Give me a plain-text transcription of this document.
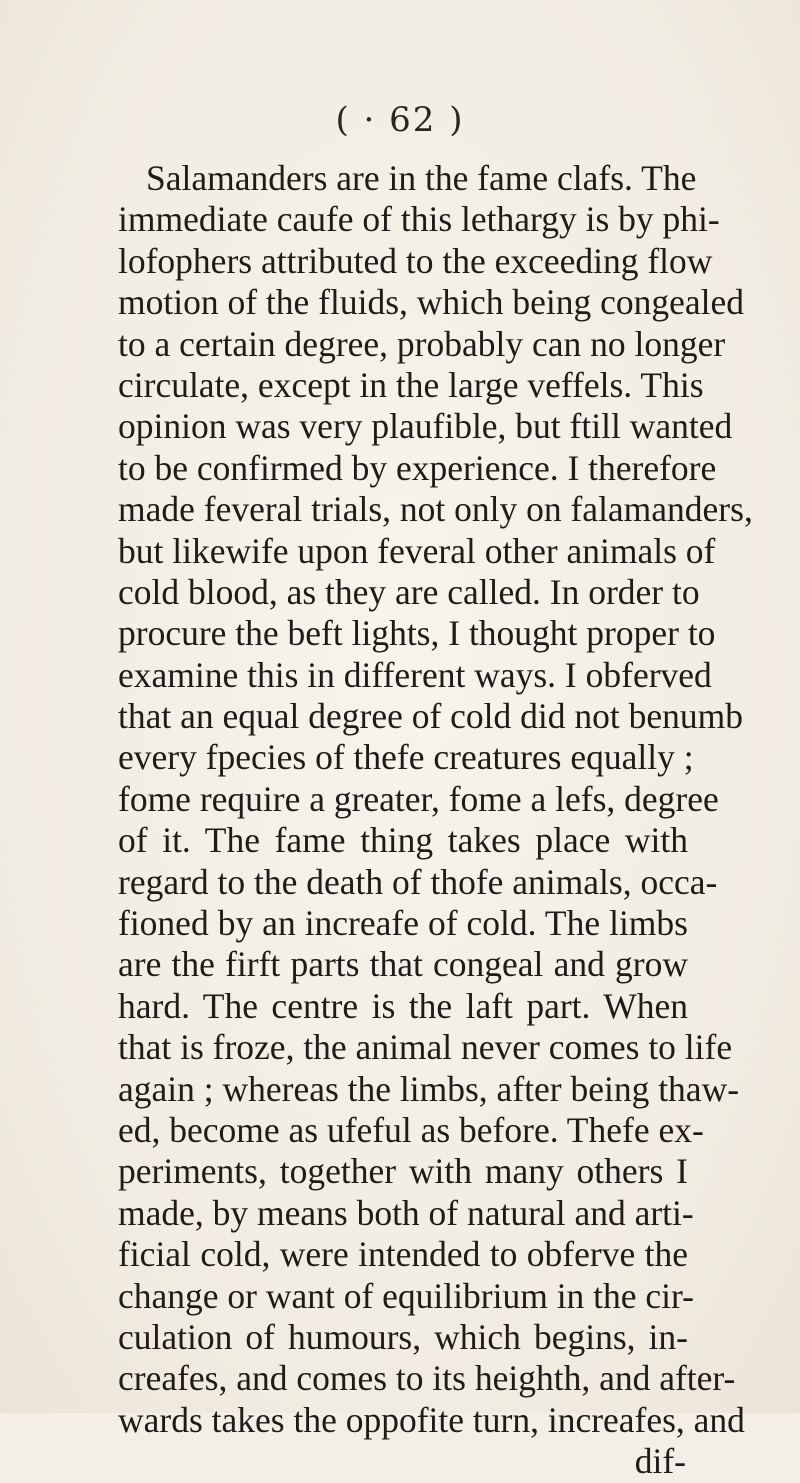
( · 62 )
Salamanders are in the fame clafs. The
immediate caufe of this lethargy is by phi-
lofophers attributed to the exceeding flow
motion of the fluids, which being congealed
to a certain degree, probably can no longer
circulate, except in the large veffels. This
opinion was very plaufible, but ftill wanted
to be confirmed by experience. I therefore
made feveral trials, not only on falamanders,
but likewife upon feveral other animals of
cold blood, as they are called. In order to
procure the beft lights, I thought proper to
examine this in different ways. I obferved
that an equal degree of cold did not benumb
every fpecies of thefe creatures equally ;
fome require a greater, fome a lefs, degree
of it. The fame thing takes place with
regard to the death of thofe animals, occa-
fioned by an increafe of cold. The limbs
are the firft parts that congeal and grow
hard. The centre is the laft part. When
that is froze, the animal never comes to life
again ; whereas the limbs, after being thaw-
ed, become as ufeful as before. Thefe ex-
periments, together with many others I
made, by means both of natural and arti-
ficial cold, were intended to obferve the
change or want of equilibrium in the cir-
culation of humours, which begins, in-
creafes, and comes to its heighth, and after-
wards takes the oppofite turn, increafes, and
dif-
